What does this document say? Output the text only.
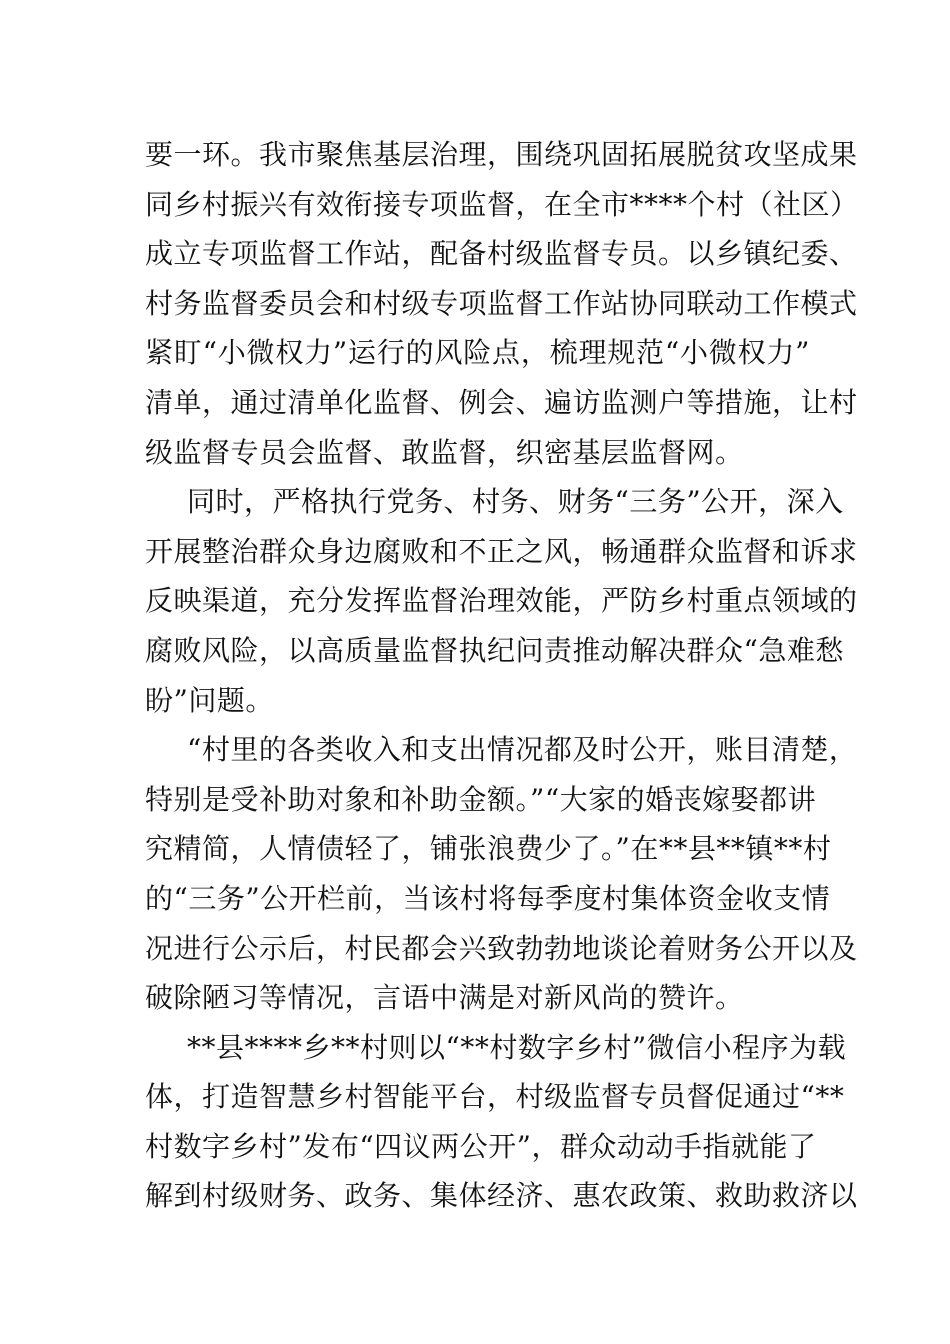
要一环。我市聚焦基层治理，围绕巩固拓展脱贫攻坚成果
同乡村振兴有效衔接专项监督，在全市****个村（社区）
成立专项监督工作站，配备村级监督专员。以乡镇纪委、
村务监督委员会和村级专项监督工作站协同联动工作模式
紧盯“小微权力”运行的风险点，梳理规范“小微权力”
清单，通过清单化监督、例会、遍访监测户等措施，让村
级监督专员会监督、敢监督，织密基层监督网。
同时，严格执行党务、村务、财务“三务”公开，深入
开展整治群众身边腐败和不正之风，畅通群众监督和诉求
反映渠道，充分发挥监督治理效能，严防乡村重点领域的
腐败风险，以高质量监督执纪问责推动解决群众“急难愁
盼”问题。
“村里的各类收入和支出情况都及时公开，账目清楚，
特别是受补助对象和补助金额。”“大家的婚丧嫁娶都讲
究精简，人情债轻了，铺张浪费少了。”在**县**镇**村
的“三务”公开栏前，当该村将每季度村集体资金收支情
况进行公示后，村民都会兴致勃勃地谈论着财务公开以及
破除陋习等情况，言语中满是对新风尚的赞许。
**县****乡**村则以“**村数字乡村”微信小程序为载
体，打造智慧乡村智能平台，村级监督专员督促通过“**
村数字乡村”发布“四议两公开”，群众动动手指就能了
解到村级财务、政务、集体经济、惠农政策、救助救济以
